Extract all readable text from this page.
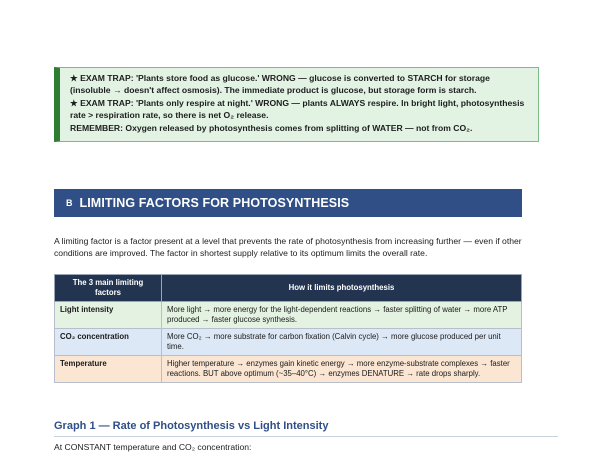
★ EXAM TRAP: 'Plants store food as glucose.' WRONG — glucose is converted to STARCH for storage (insoluble → doesn't affect osmosis). The immediate product is glucose, but storage form is starch.

★ EXAM TRAP: 'Plants only respire at night.' WRONG — plants ALWAYS respire. In bright light, photosynthesis rate > respiration rate, so there is net O₂ release.

REMEMBER: Oxygen released by photosynthesis comes from splitting of WATER — not from CO₂.

B LIMITING FACTORS FOR PHOTOSYNTHESIS

A limiting factor is a factor present at a level that prevents the rate of photosynthesis from increasing further — even if other conditions are improved. The factor in shortest supply relative to its optimum limits the overall rate.

The 3 main limiting factors	How it limits photosynthesis
Light intensity	More light → more energy for the light-dependent reactions → faster splitting of water → more ATP produced → faster glucose synthesis.
CO₂ concentration	More CO₂ → more substrate for carbon fixation (Calvin cycle) → more glucose produced per unit time.
Temperature	Higher temperature → enzymes gain kinetic energy → more enzyme-substrate complexes → faster reactions. BUT above optimum (~35–40°C) → enzymes DENATURE → rate drops sharply.
Graph 1 — Rate of Photosynthesis vs Light Intensity

At CONSTANT temperature and CO₂ concentration:
